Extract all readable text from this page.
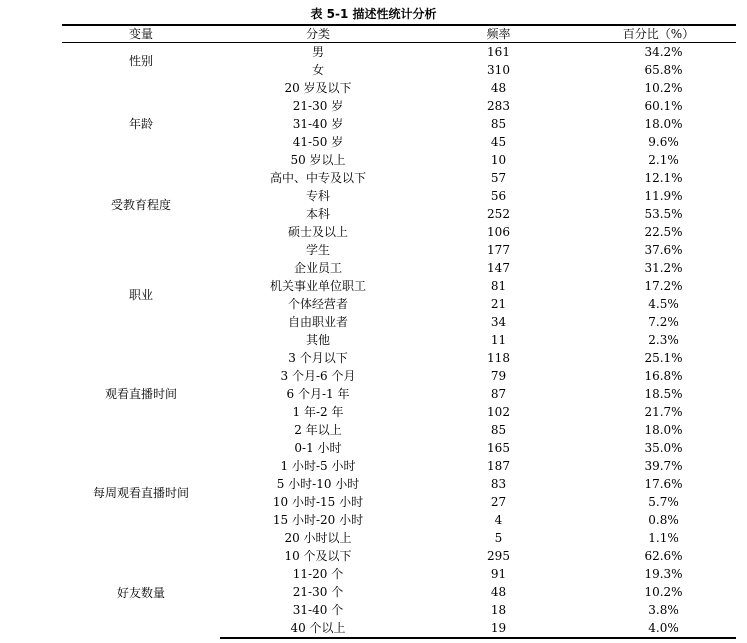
表 5-1 描述性统计分析
变量	分类	频率	百分比（%）
性别	男	161	34.2%
	女	310	65.8%
年龄	20 岁及以下	48	10.2%
	21-30 岁	283	60.1%
	31-40 岁	85	18.0%
	41-50 岁	45	9.6%
	50 岁以上	10	2.1%
受教育程度	高中、中专及以下	57	12.1%
	专科	56	11.9%
	本科	252	53.5%
	硕士及以上	106	22.5%
职业	学生	177	37.6%
	企业员工	147	31.2%
	机关事业单位职工	81	17.2%
	个体经营者	21	4.5%
	自由职业者	34	7.2%
	其他	11	2.3%
观看直播时间	3 个月以下	118	25.1%
	3 个月-6 个月	79	16.8%
	6 个月-1 年	87	18.5%
	1 年-2 年	102	21.7%
	2 年以上	85	18.0%
每周观看直播时间	0-1 小时	165	35.0%
	1 小时-5 小时	187	39.7%
	5 小时-10 小时	83	17.6%
	10 小时-15 小时	27	5.7%
	15 小时-20 小时	4	0.8%
	20 小时以上	5	1.1%
好友数量	10 个及以下	295	62.6%
	11-20 个	91	19.3%
	21-30 个	48	10.2%
	31-40 个	18	3.8%
	40 个以上	19	4.0%
